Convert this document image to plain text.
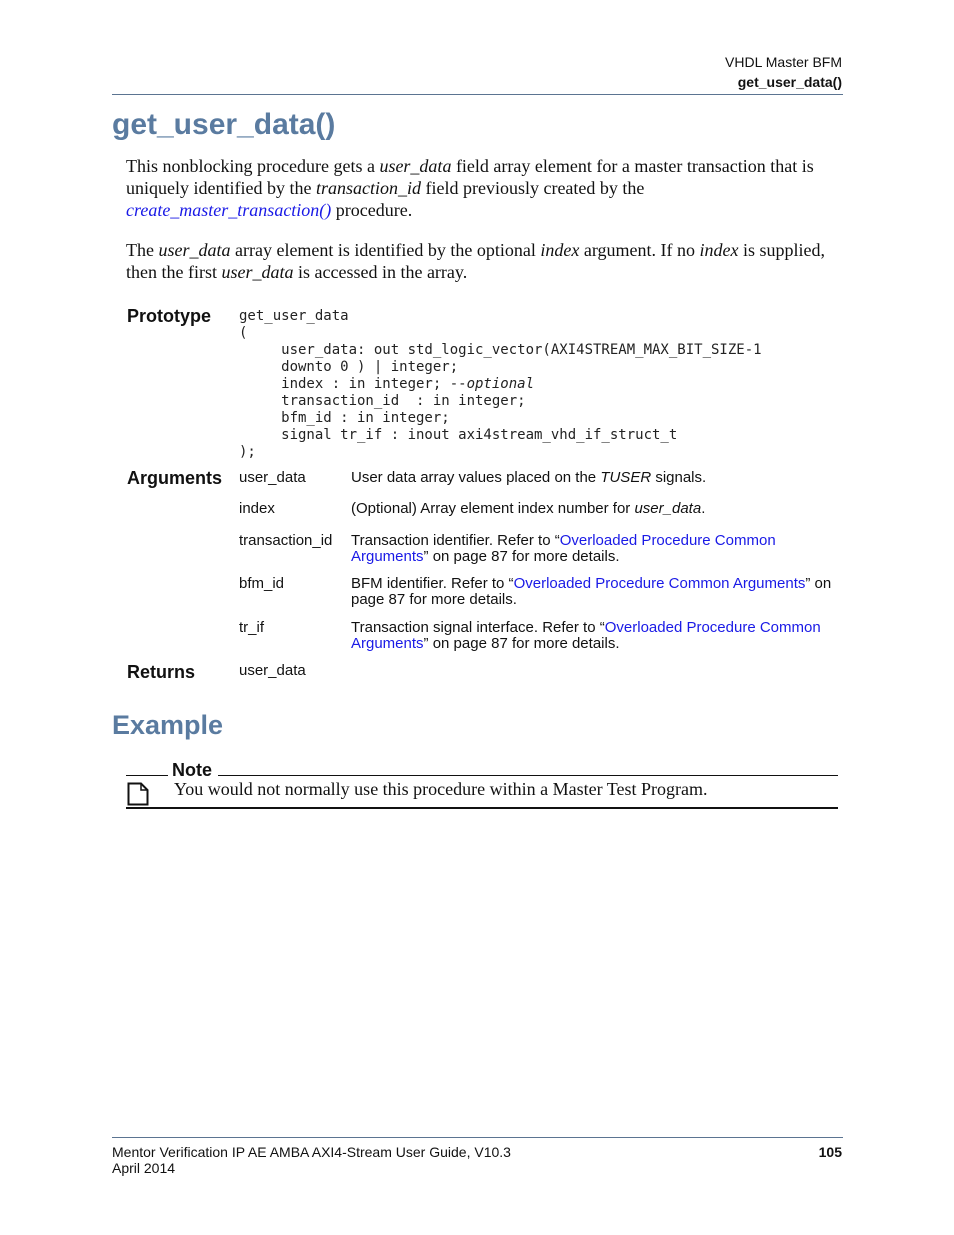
VHDL Master BFM
get_user_data()
get_user_data()
This nonblocking procedure gets a user_data field array element for a master transaction that is uniquely identified by the transaction_id field previously created by the
create_master_transaction() procedure.
The user_data array element is identified by the optional index argument. If no index is supplied, then the first user_data is accessed in the array.
Prototype get_user_data
(
user_data: out std_logic_vector(AXI4STREAM_MAX_BIT_SIZE-1
downto 0 ) | integer;
index : in integer; --optional
transaction_id  : in integer;
bfm_id : in integer;
signal tr_if : inout axi4stream_vhd_if_struct_t
);
Arguments user_data	User data array values placed on the TUSER signals.
index	(Optional) Array element index number for user_data.
transaction_id Transaction identifier. Refer to “Overloaded Procedure Common Arguments” on page 87 for more details.
bfm_id	BFM identifier. Refer to “Overloaded Procedure Common Arguments” on page 87 for more details.
tr_if	Transaction signal interface. Refer to “Overloaded Procedure Common Arguments” on page 87 for more details.
Returns	user_data
Example
Note
You would not normally use this procedure within a Master Test Program.
Mentor Verification IP AE AMBA AXI4-Stream User Guide, V10.3
April 2014
105
